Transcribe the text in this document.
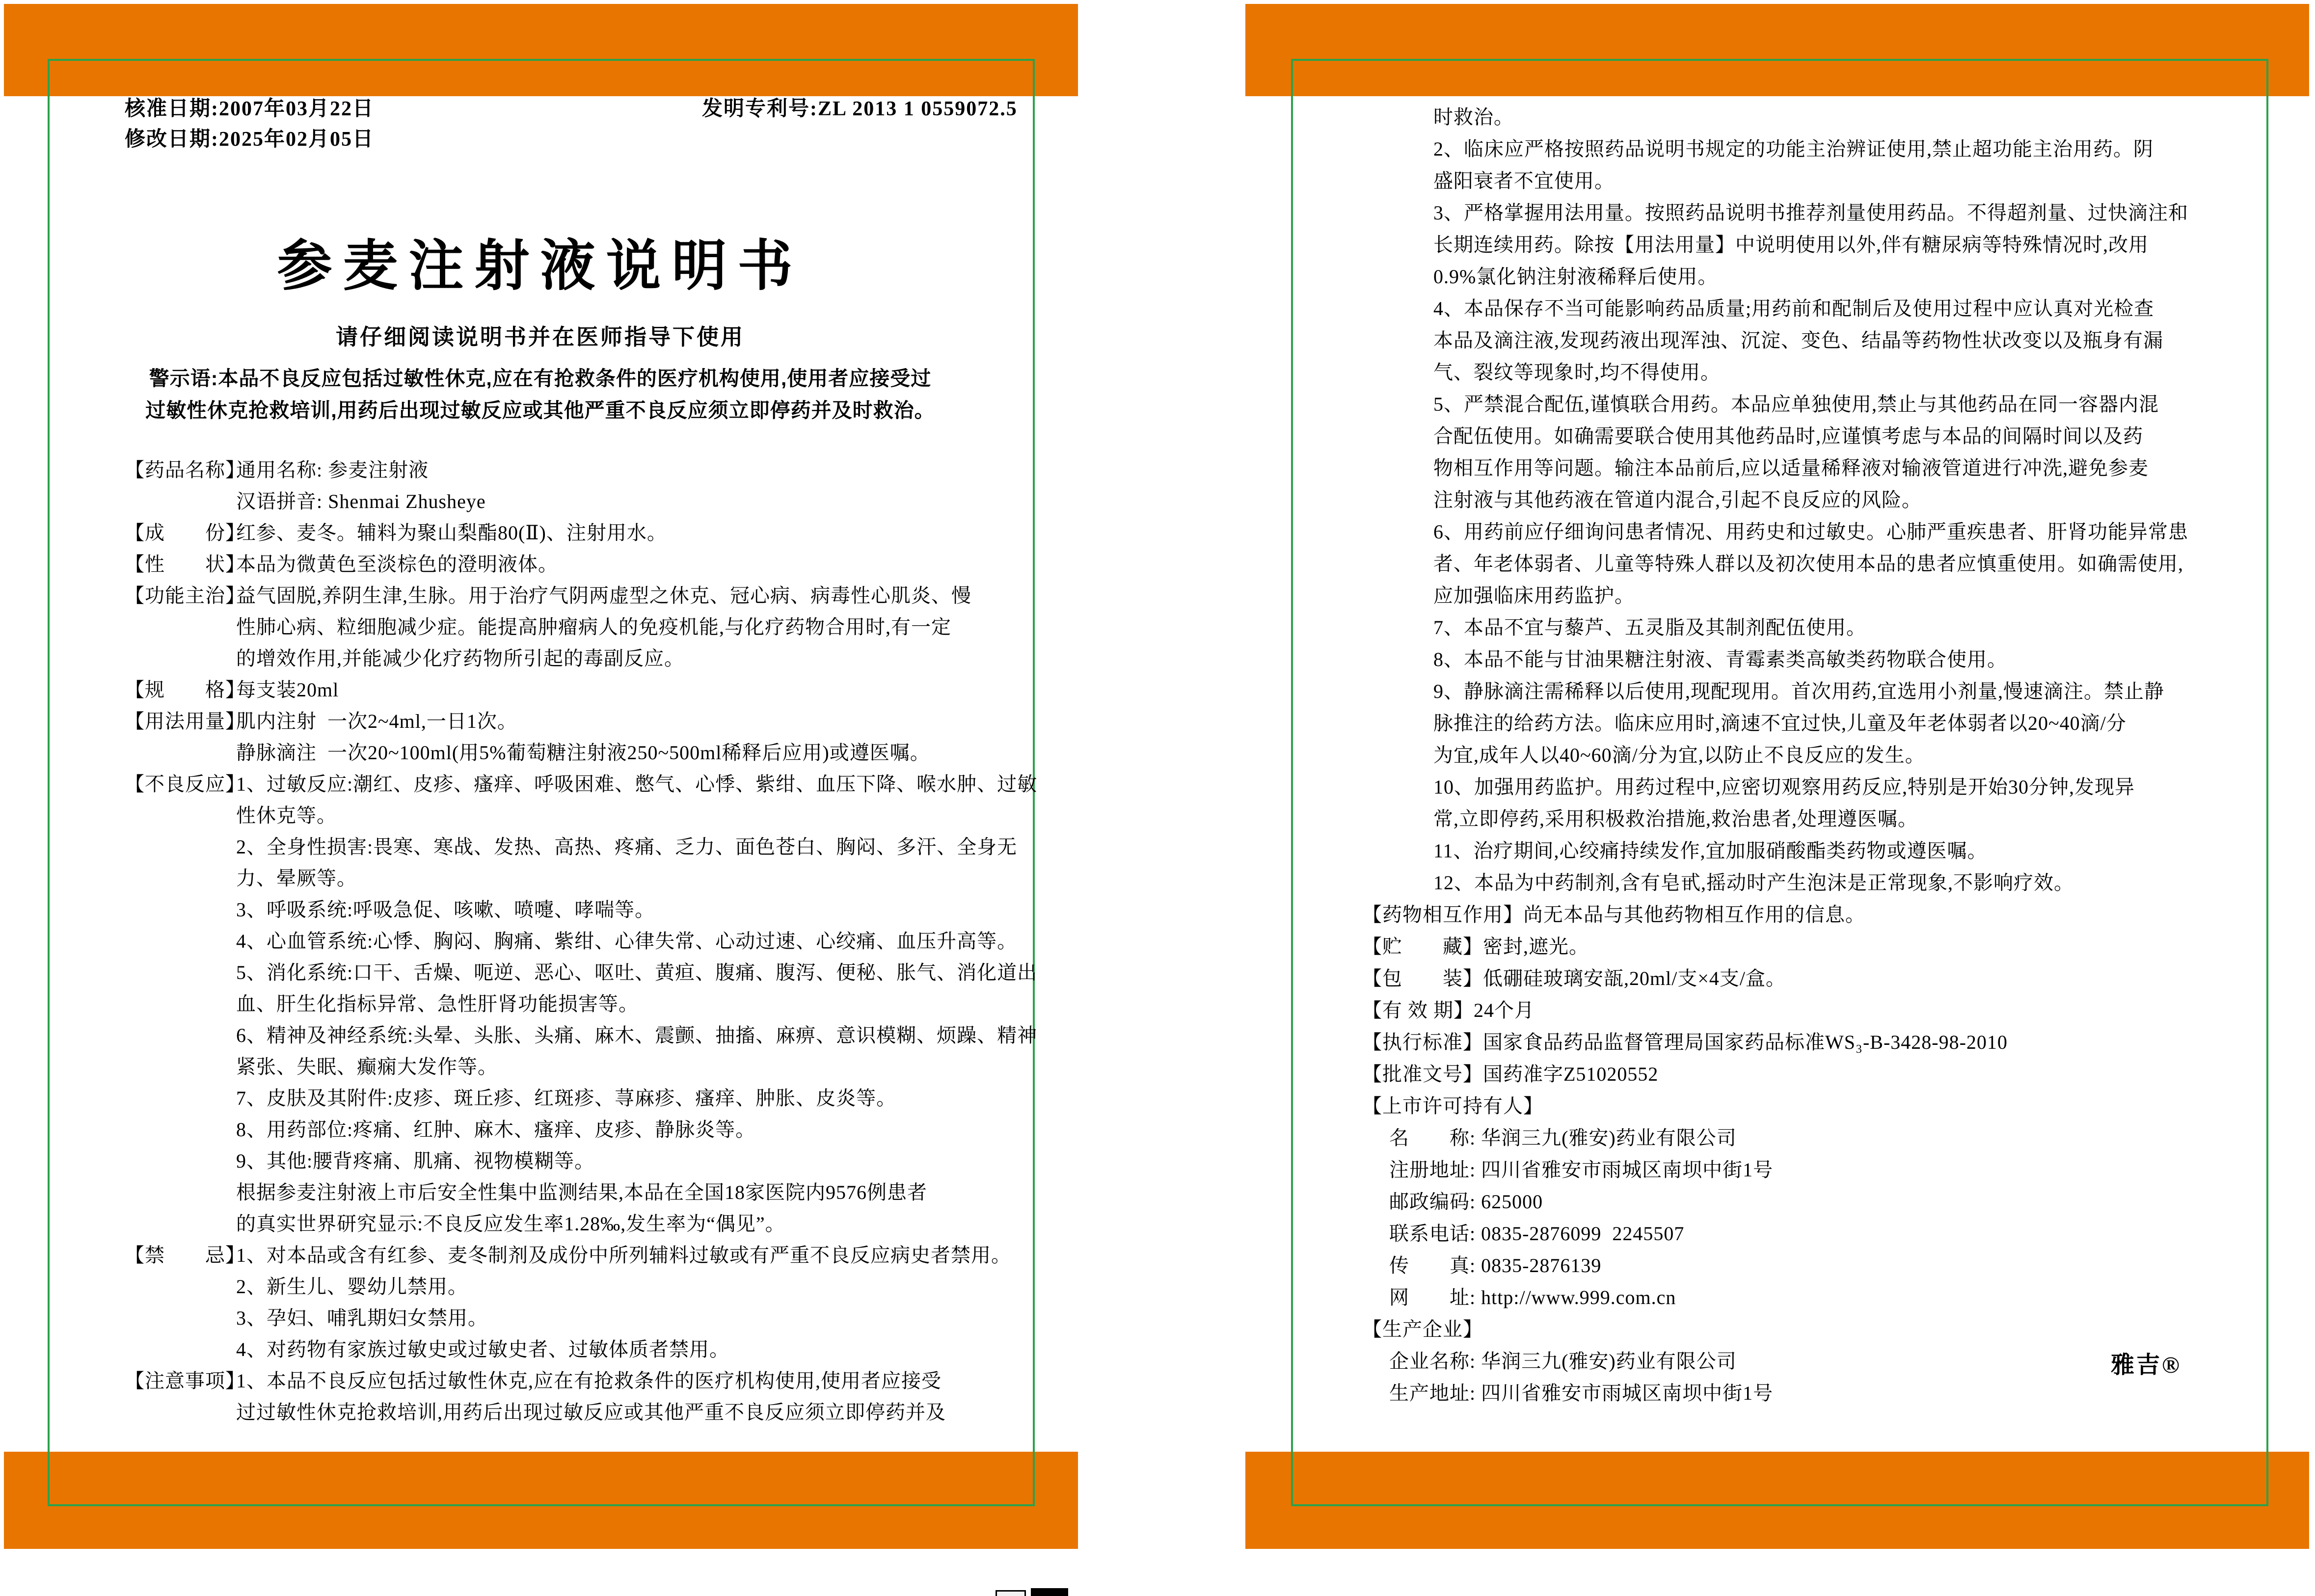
核准日期:2007年03月22日
修改日期:2025年02月05日
发明专利号:ZL 2013 1 0559072.5
参麦注射液说明书
请仔细阅读说明书并在医师指导下使用
警示语:本品不良反应包括过敏性休克,应在有抢救条件的医疗机构使用,使用者应接受过
过敏性休克抢救培训,用药后出现过敏反应或其他严重不良反应须立即停药并及时救治。
【药品名称】通用名称: 参麦注射液
汉语拼音: Shenmai Zhusheye
【成　　份】红参、麦冬。辅料为聚山梨酯80(Ⅱ)、注射用水。
【性　　状】本品为微黄色至淡棕色的澄明液体。
【功能主治】益气固脱,养阴生津,生脉。用于治疗气阴两虚型之休克、冠心病、病毒性心肌炎、慢
性肺心病、粒细胞减少症。能提高肿瘤病人的免疫机能,与化疗药物合用时,有一定
的增效作用,并能减少化疗药物所引起的毒副反应。
【规　　格】每支装20ml
【用法用量】肌内注射  一次2~4ml,一日1次。
静脉滴注  一次20~100ml(用5%葡萄糖注射液250~500ml稀释后应用)或遵医嘱。
【不良反应】1、过敏反应:潮红、皮疹、瘙痒、呼吸困难、憋气、心悸、紫绀、血压下降、喉水肿、过敏
性休克等。
2、全身性损害:畏寒、寒战、发热、高热、疼痛、乏力、面色苍白、胸闷、多汗、全身无
力、晕厥等。
3、呼吸系统:呼吸急促、咳嗽、喷嚏、哮喘等。
4、心血管系统:心悸、胸闷、胸痛、紫绀、心律失常、心动过速、心绞痛、血压升高等。
5、消化系统:口干、舌燥、呃逆、恶心、呕吐、黄疸、腹痛、腹泻、便秘、胀气、消化道出
血、肝生化指标异常、急性肝肾功能损害等。
6、精神及神经系统:头晕、头胀、头痛、麻木、震颤、抽搐、麻痹、意识模糊、烦躁、精神
紧张、失眠、癫痫大发作等。
7、皮肤及其附件:皮疹、斑丘疹、红斑疹、荨麻疹、瘙痒、肿胀、皮炎等。
8、用药部位:疼痛、红肿、麻木、瘙痒、皮疹、静脉炎等。
9、其他:腰背疼痛、肌痛、视物模糊等。
根据参麦注射液上市后安全性集中监测结果,本品在全国18家医院内9576例患者
的真实世界研究显示:不良反应发生率1.28‰,发生率为“偶见”。
【禁　　忌】1、对本品或含有红参、麦冬制剂及成份中所列辅料过敏或有严重不良反应病史者禁用。
2、新生儿、婴幼儿禁用。
3、孕妇、哺乳期妇女禁用。
4、对药物有家族过敏史或过敏史者、过敏体质者禁用。
【注意事项】1、本品不良反应包括过敏性休克,应在有抢救条件的医疗机构使用,使用者应接受
过过敏性休克抢救培训,用药后出现过敏反应或其他严重不良反应须立即停药并及
时救治。
2、临床应严格按照药品说明书规定的功能主治辨证使用,禁止超功能主治用药。阴
盛阳衰者不宜使用。
3、严格掌握用法用量。按照药品说明书推荐剂量使用药品。不得超剂量、过快滴注和
长期连续用药。除按【用法用量】中说明使用以外,伴有糖尿病等特殊情况时,改用
0.9%氯化钠注射液稀释后使用。
4、本品保存不当可能影响药品质量;用药前和配制后及使用过程中应认真对光检查
本品及滴注液,发现药液出现浑浊、沉淀、变色、结晶等药物性状改变以及瓶身有漏
气、裂纹等现象时,均不得使用。
5、严禁混合配伍,谨慎联合用药。本品应单独使用,禁止与其他药品在同一容器内混
合配伍使用。如确需要联合使用其他药品时,应谨慎考虑与本品的间隔时间以及药
物相互作用等问题。输注本品前后,应以适量稀释液对输液管道进行冲洗,避免参麦
注射液与其他药液在管道内混合,引起不良反应的风险。
6、用药前应仔细询问患者情况、用药史和过敏史。心肺严重疾患者、肝肾功能异常患
者、年老体弱者、儿童等特殊人群以及初次使用本品的患者应慎重使用。如确需使用,
应加强临床用药监护。
7、本品不宜与藜芦、五灵脂及其制剂配伍使用。
8、本品不能与甘油果糖注射液、青霉素类高敏类药物联合使用。
9、静脉滴注需稀释以后使用,现配现用。首次用药,宜选用小剂量,慢速滴注。禁止静
脉推注的给药方法。临床应用时,滴速不宜过快,儿童及年老体弱者以20~40滴/分
为宜,成年人以40~60滴/分为宜,以防止不良反应的发生。
10、加强用药监护。用药过程中,应密切观察用药反应,特别是开始30分钟,发现异
常,立即停药,采用积极救治措施,救治患者,处理遵医嘱。
11、治疗期间,心绞痛持续发作,宜加服硝酸酯类药物或遵医嘱。
12、本品为中药制剂,含有皂甙,摇动时产生泡沫是正常现象,不影响疗效。
【药物相互作用】尚无本品与其他药物相互作用的信息。
【贮　　藏】密封,遮光。
【包　　装】低硼硅玻璃安瓿,20ml/支×4支/盒。
【有 效 期】24个月
【执行标准】国家食品药品监督管理局国家药品标准WS₃-B-3428-98-2010
【批准文号】国药准字Z51020552
【上市许可持有人】
名　　称: 华润三九(雅安)药业有限公司
注册地址: 四川省雅安市雨城区南坝中街1号
邮政编码: 625000
联系电话: 0835-2876099  2245507
传　　真: 0835-2876139
网　　址: http://www.999.com.cn
【生产企业】
企业名称: 华润三九(雅安)药业有限公司
生产地址: 四川省雅安市雨城区南坝中街1号
雅吉®
